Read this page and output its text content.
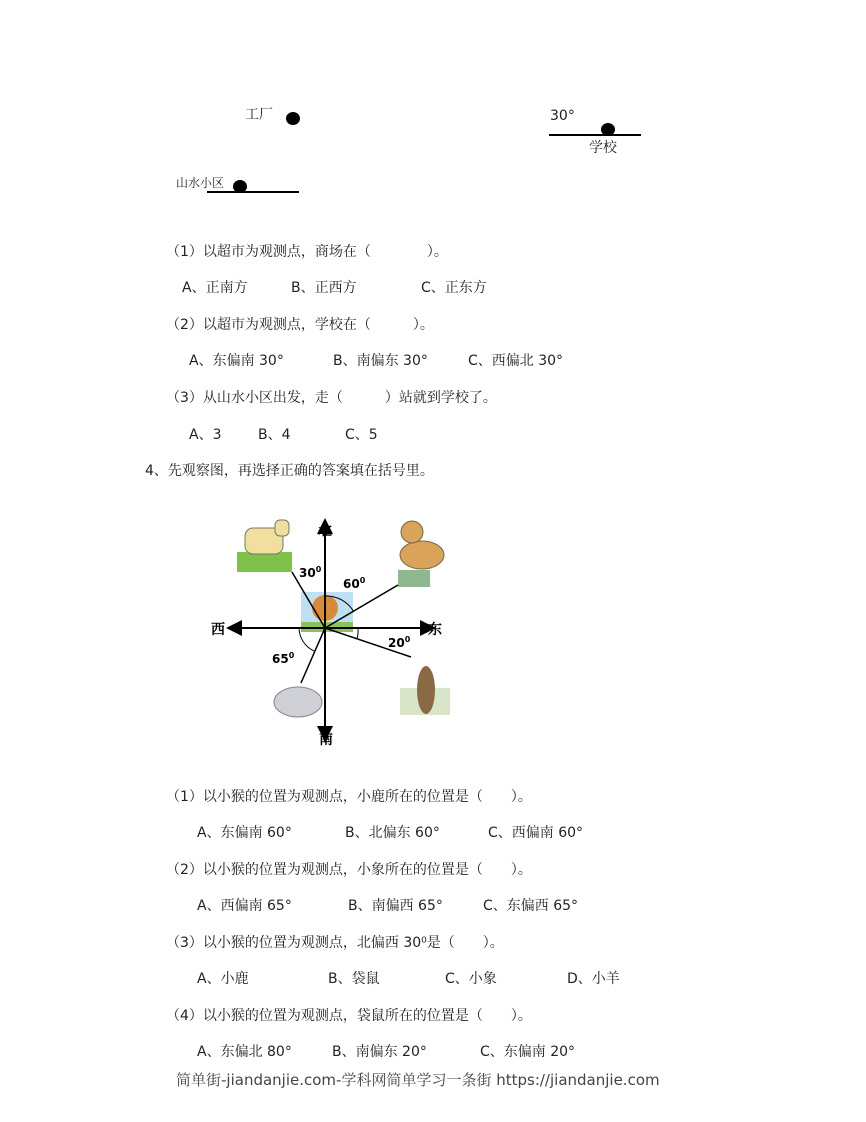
工厂	30°
学校
山水小区
（1）以超市为观测点，商场在（　　　　）。
A、正南方	B、正西方	C、正东方
（2）以超市为观测点，学校在（　　　）。
A、东偏南 30°	B、南偏东 30°	C、西偏北 30°
（3）从山水小区出发，走（　　　）站就到学校了。
A、3	B、4	C、5
4、先观察图，再选择正确的答案填在括号里。
北
西	东
南
$30^0$
$60^0$
$20^0$
$65^0$
（1）以小猴的位置为观测点，小鹿所在的位置是（　　）。
A、东偏南 60°	B、北偏东 60°	C、西偏南 60°
（2）以小猴的位置为观测点，小象所在的位置是（　　）。
A、西偏南 65°	B、南偏西 65°	C、东偏西 65°
（3）以小猴的位置为观测点，北偏西 30⁰是（　　）。
A、小鹿	B、袋鼠	C、小象	D、小羊
（4）以小猴的位置为观测点，袋鼠所在的位置是（　　）。
A、东偏北 80°	B、南偏东 20°	C、东偏南 20°
简单街-jiandanjie.com-学科网简单学习一条街 https://jiandanjie.com
